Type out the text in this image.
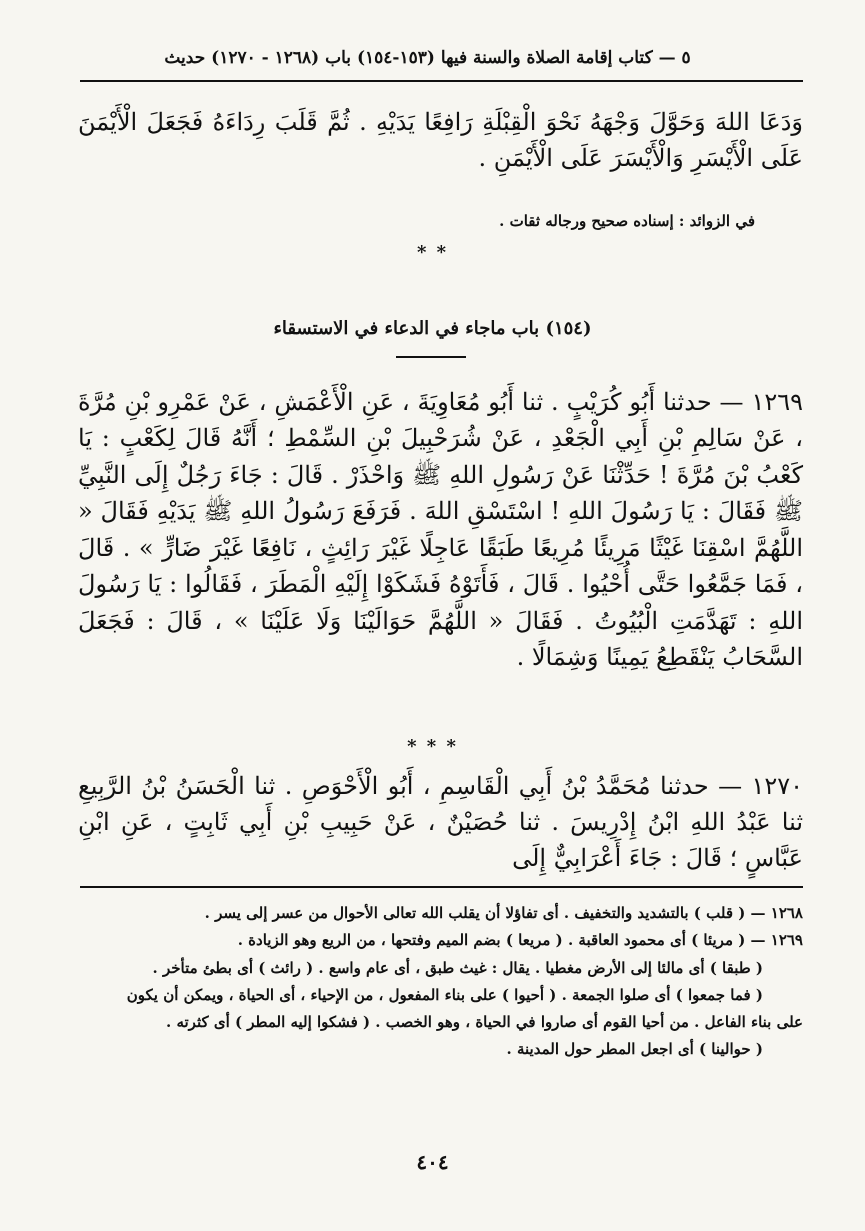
٥ — كتاب إقامة الصلاة والسنة فيها (١٥٣-١٥٤) باب (١٢٦٨ - ١٢٧٠) حديث
وَدَعَا اللهَ وَحَوَّلَ وَجْهَهُ نَحْوَ الْقِبْلَةِ رَافِعًا يَدَيْهِ . ثُمَّ قَلَبَ رِدَاءَهُ فَجَعَلَ الْأَيْمَنَ عَلَى الْأَيْسَرِ وَالْأَيْسَرَ عَلَى الْأَيْمَنِ .
في الزوائد : إسناده صحيح ورجاله ثقات .
* *
(١٥٤) باب ماجاء في الدعاء في الاستسقاء
١٢٦٩ — حدثنا أَبُو كُرَيْبٍ . ثنا أَبُو مُعَاوِيَةَ ، عَنِ الْأَعْمَشِ ، عَنْ عَمْرِو بْنِ مُرَّةَ ، عَنْ سَالِمِ بْنِ أَبِي الْجَعْدِ ، عَنْ شُرَحْبِيلَ بْنِ السِّمْطِ ؛ أَنَّهُ قَالَ لِكَعْبٍ : يَا كَعْبُ بْنَ مُرَّةَ ! حَدِّثْنَا عَنْ رَسُولِ اللهِ ﷺ وَاحْذَرْ . قَالَ : جَاءَ رَجُلٌ إِلَى النَّبِيِّ ﷺ فَقَالَ : يَا رَسُولَ اللهِ ! اسْتَسْقِ اللهَ . فَرَفَعَ رَسُولُ اللهِ ﷺ يَدَيْهِ فَقَالَ « اللَّهُمَّ اسْقِنَا غَيْثًا مَرِيئًا مُرِيعًا طَبَقًا عَاجِلًا غَيْرَ رَائِثٍ ، نَافِعًا غَيْرَ ضَارٍّ » . قَالَ ، فَمَا جَمَّعُوا حَتَّى أُحْيُوا . قَالَ ، فَأَتَوْهُ فَشَكَوْا إِلَيْهِ الْمَطَرَ ، فَقَالُوا : يَا رَسُولَ اللهِ : تَهَدَّمَتِ الْبُيُوتُ . فَقَالَ « اللَّهُمَّ حَوَالَيْنَا وَلَا عَلَيْنَا » ، قَالَ : فَجَعَلَ السَّحَابُ يَنْقَطِعُ يَمِينًا وَشِمَالًا .
* * *
١٢٧٠ — حدثنا مُحَمَّدُ بْنُ أَبِي الْقَاسِمِ ، أَبُو الْأَحْوَصِ . ثنا الْحَسَنُ بْنُ الرَّبِيعِ ثنا عَبْدُ اللهِ ابْنُ إِدْرِيسَ . ثنا حُصَيْنٌ ، عَنْ حَبِيبِ بْنِ أَبِي ثَابِتٍ ، عَنِ ابْنِ عَبَّاسٍ ؛ قَالَ : جَاءَ أَعْرَابِيٌّ إِلَى
١٢٦٨ — ( قلب ) بالتشديد والتخفيف . أى تفاؤلا أن يقلب الله تعالى الأحوال من عسر إلى يسر .
١٢٦٩ — ( مريئا ) أى محمود العاقبة . ( مريعا ) بضم الميم وفتحها ، من الريع وهو الزيادة .
( طبقا ) أى مالئا إلى الأرض مغطيا . يقال : غيث طبق ، أى عام واسع . ( رائث ) أى بطئ متأخر .
( فما جمعوا ) أى صلوا الجمعة . ( أحيوا ) على بناء المفعول ، من الإحياء ، أى الحياة ، ويمكن أن يكون
على بناء الفاعل . من أحيا القوم أى صاروا في الحياة ، وهو الخصب . ( فشكوا إليه المطر ) أى كثرته .
( حوالينا ) أى اجعل المطر حول المدينة .
٤٠٤
